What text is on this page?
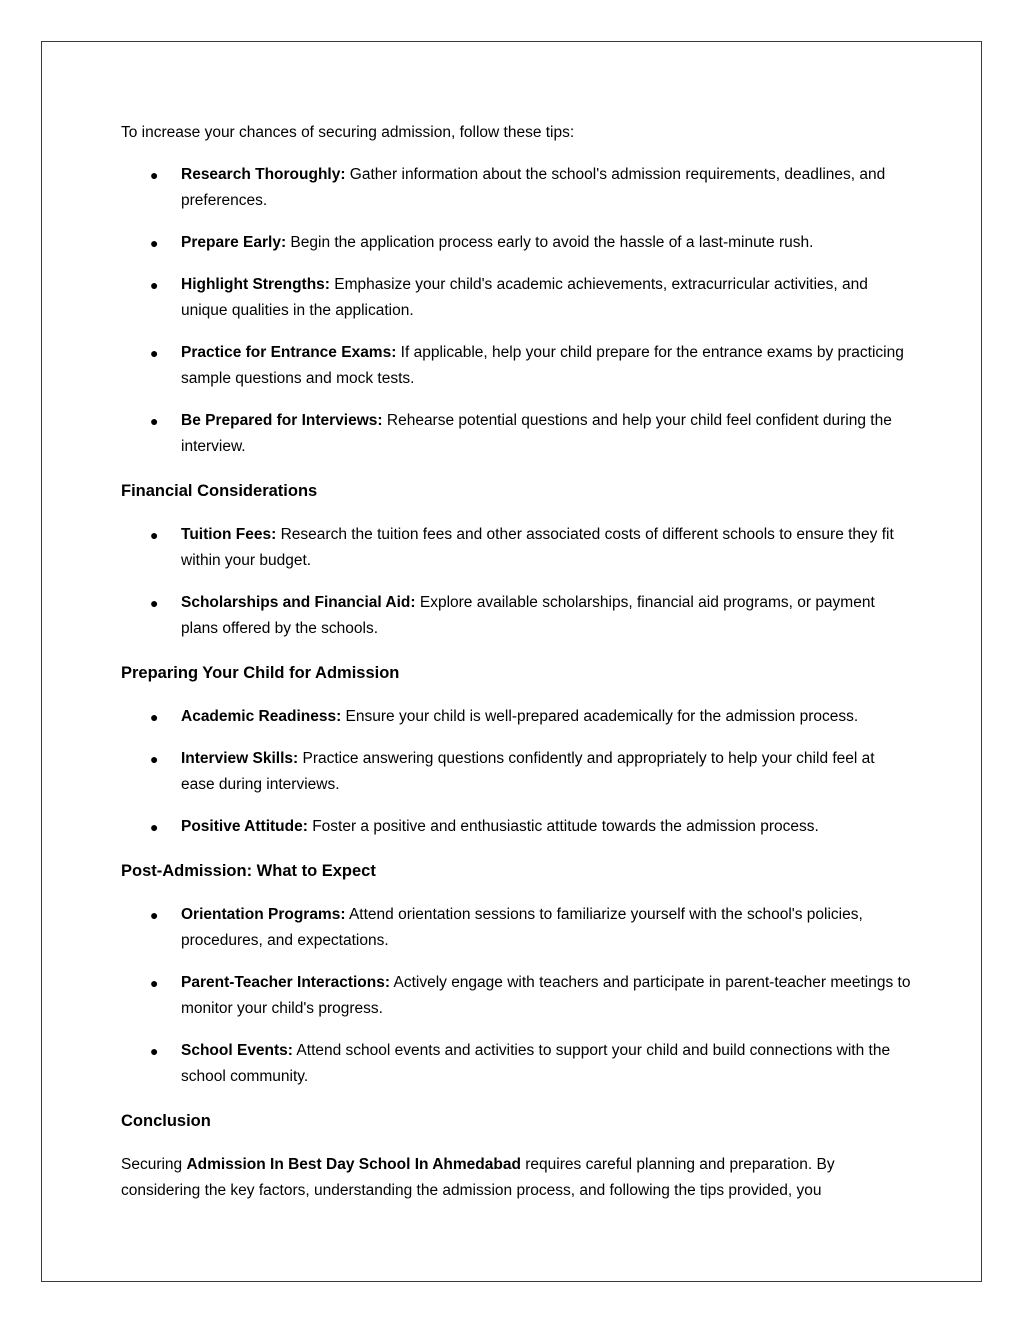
To increase your chances of securing admission, follow these tips:

● Research Thoroughly: Gather information about the school's admission requirements, deadlines, and preferences.
● Prepare Early: Begin the application process early to avoid the hassle of a last-minute rush.
● Highlight Strengths: Emphasize your child's academic achievements, extracurricular activities, and unique qualities in the application.
● Practice for Entrance Exams: If applicable, help your child prepare for the entrance exams by practicing sample questions and mock tests.
● Be Prepared for Interviews: Rehearse potential questions and help your child feel confident during the interview.
Financial Considerations
● Tuition Fees: Research the tuition fees and other associated costs of different schools to ensure they fit within your budget.
● Scholarships and Financial Aid: Explore available scholarships, financial aid programs, or payment plans offered by the schools.
Preparing Your Child for Admission
● Academic Readiness: Ensure your child is well-prepared academically for the admission process.
● Interview Skills: Practice answering questions confidently and appropriately to help your child feel at ease during interviews.
● Positive Attitude: Foster a positive and enthusiastic attitude towards the admission process.
Post-Admission: What to Expect
● Orientation Programs: Attend orientation sessions to familiarize yourself with the school's policies, procedures, and expectations.
● Parent-Teacher Interactions: Actively engage with teachers and participate in parent-teacher meetings to monitor your child's progress.
● School Events: Attend school events and activities to support your child and build connections with the school community.
Conclusion

Securing Admission In Best Day School In Ahmedabad requires careful planning and preparation. By considering the key factors, understanding the admission process, and following the tips provided, you
